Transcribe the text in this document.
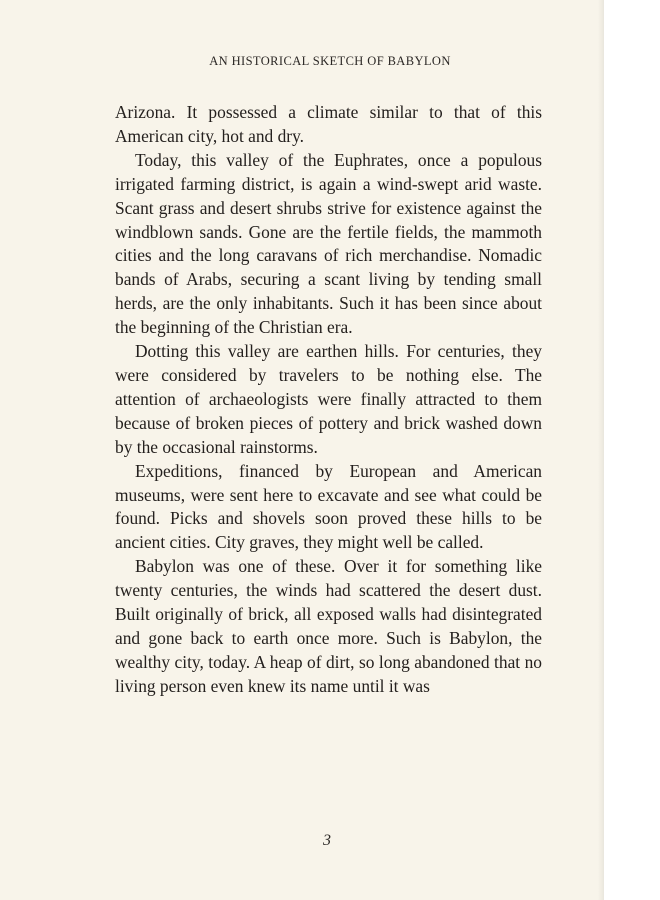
AN HISTORICAL SKETCH OF BABYLON

Arizona. It possessed a climate similar to that of this American city, hot and dry.

Today, this valley of the Euphrates, once a populous irrigated farming district, is again a wind-swept arid waste. Scant grass and desert shrubs strive for existence against the windblown sands. Gone are the fertile fields, the mammoth cities and the long caravans of rich merchandise. Nomadic bands of Arabs, securing a scant living by tending small herds, are the only inhabitants. Such it has been since about the beginning of the Christian era.

Dotting this valley are earthen hills. For centuries, they were considered by travelers to be nothing else. The attention of archaeologists were finally attracted to them because of broken pieces of pottery and brick washed down by the occasional rainstorms.

Expeditions, financed by European and American museums, were sent here to excavate and see what could be found. Picks and shovels soon proved these hills to be ancient cities. City graves, they might well be called.

Babylon was one of these. Over it for something like twenty centuries, the winds had scattered the desert dust. Built originally of brick, all exposed walls had disintegrated and gone back to earth once more. Such is Babylon, the wealthy city, today. A heap of dirt, so long abandoned that no living person even knew its name until it was

3
